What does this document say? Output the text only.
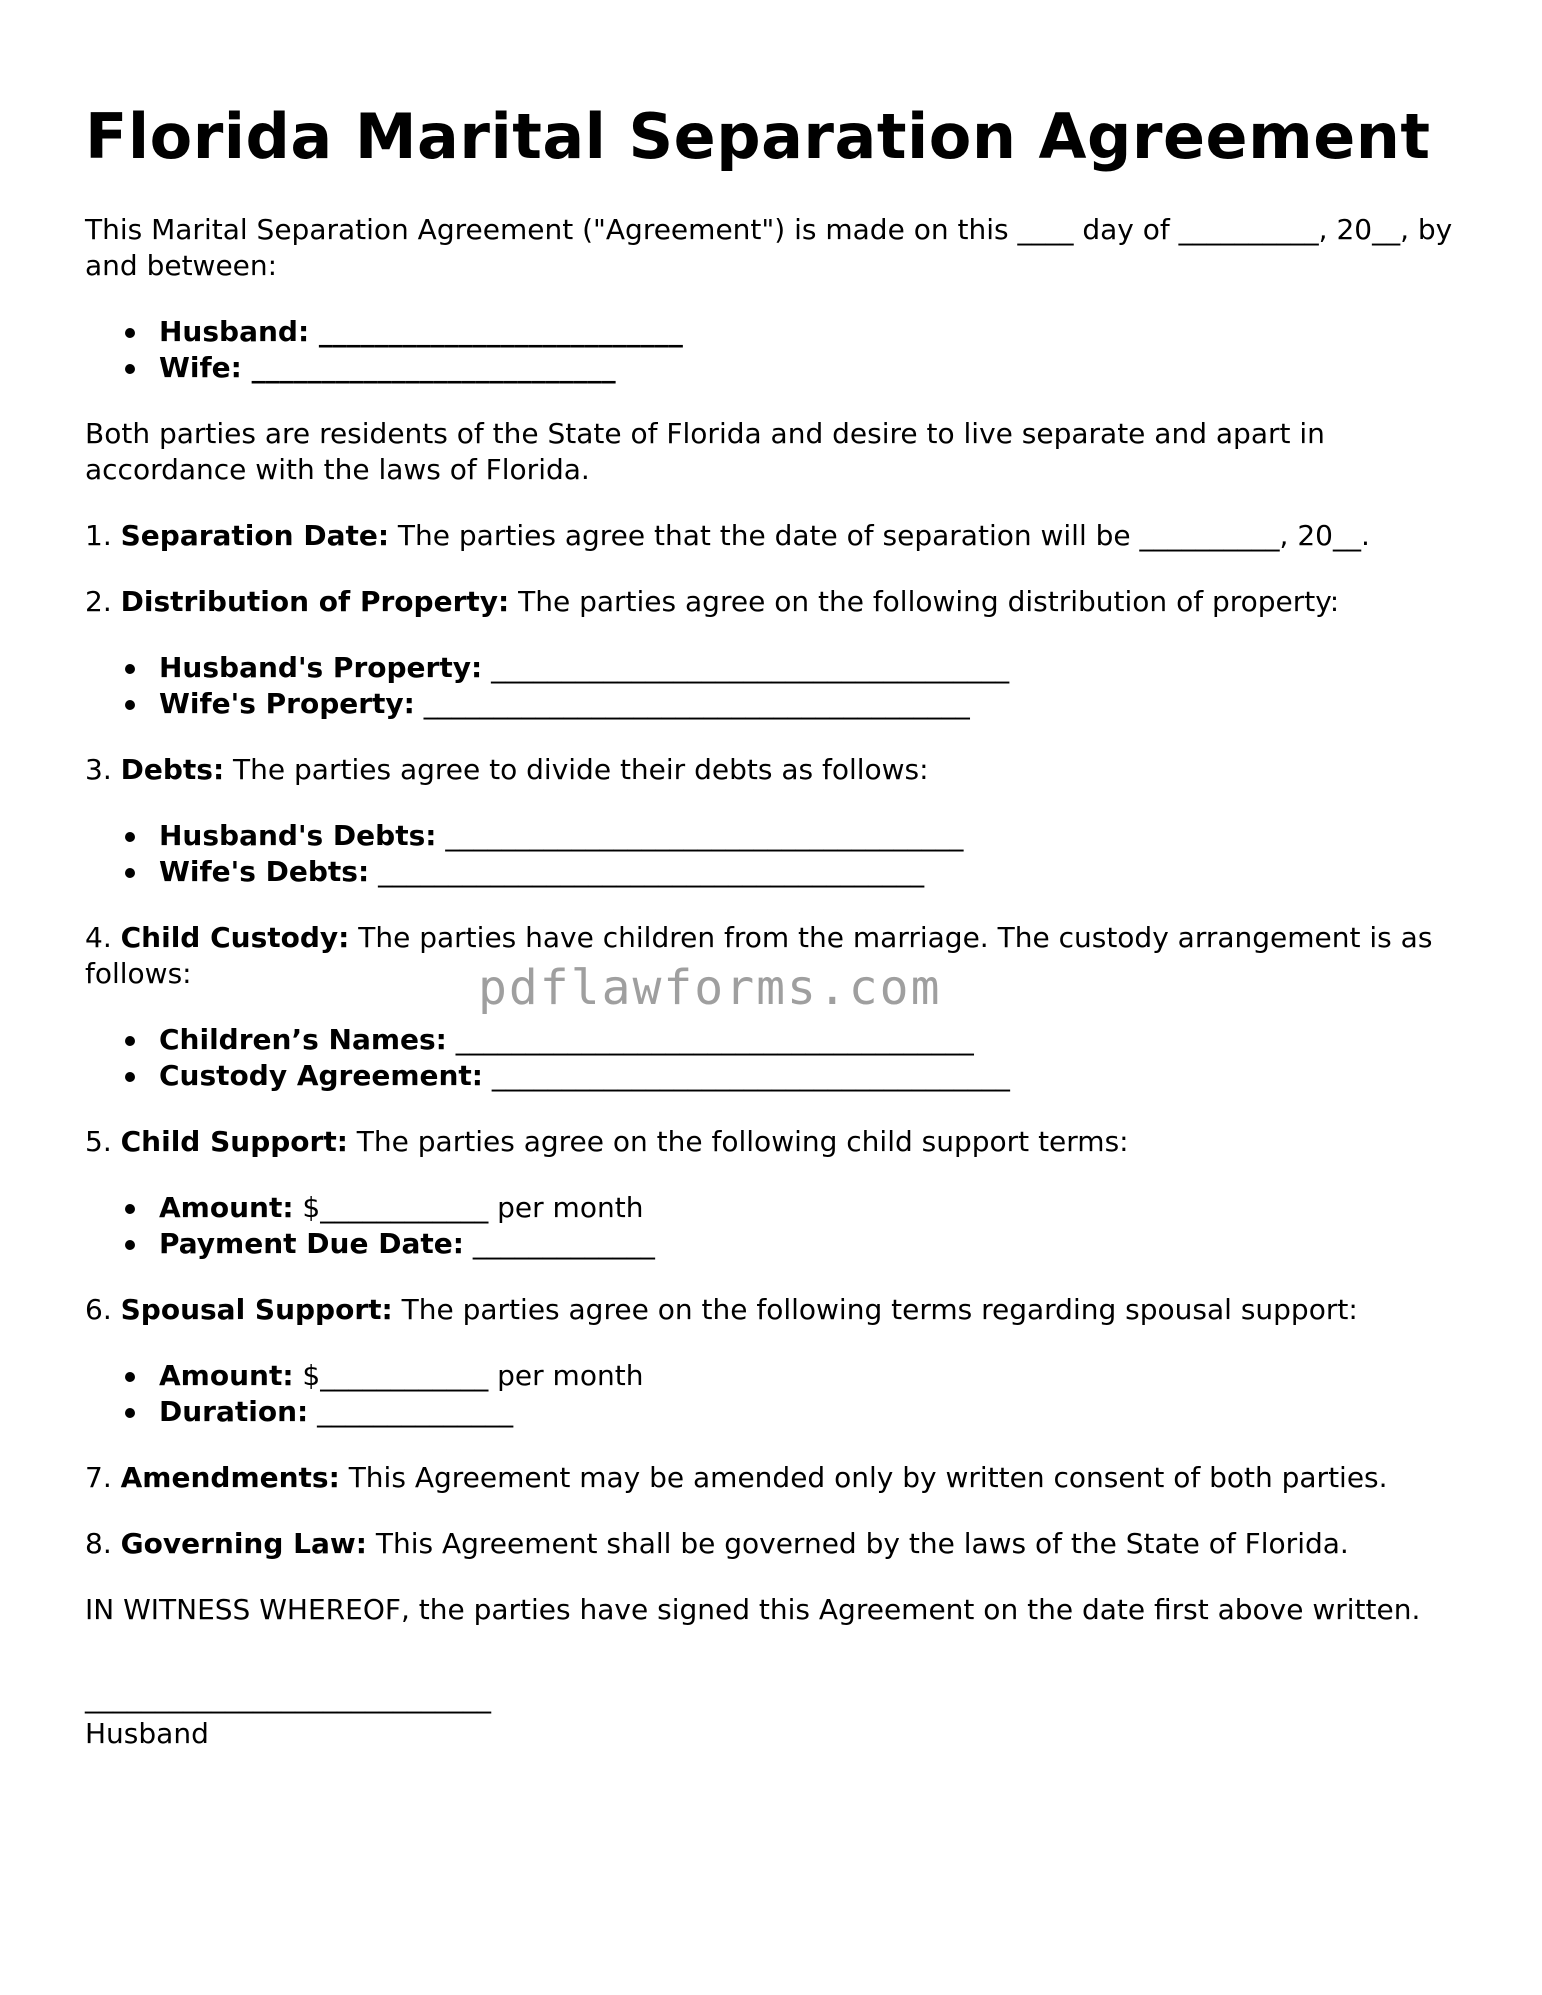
Florida Marital Separation Agreement

This Marital Separation Agreement ("Agreement") is made on this ____ day of __________, 20__, by and between:

Husband: __________________________
Wife: __________________________

Both parties are residents of the State of Florida and desire to live separate and apart in accordance with the laws of Florida.

1. Separation Date: The parties agree that the date of separation will be __________, 20__.

2. Distribution of Property: The parties agree on the following distribution of property:

Husband's Property: _____________________________________
Wife's Property: _______________________________________

3. Debts: The parties agree to divide their debts as follows:

Husband's Debts: _____________________________________
Wife's Debts: _______________________________________

4. Child Custody: The parties have children from the marriage. The custody arrangement is as follows:

Children’s Names: _____________________________________
Custody Agreement: _____________________________________

5. Child Support: The parties agree on the following child support terms:

Amount: $____________ per month
Payment Due Date: _____________

6. Spousal Support: The parties agree on the following terms regarding spousal support:

Amount: $____________ per month
Duration: ______________

7. Amendments: This Agreement may be amended only by written consent of both parties.

8. Governing Law: This Agreement shall be governed by the laws of the State of Florida.

IN WITNESS WHEREOF, the parties have signed this Agreement on the date first above written.

_____________________________
Husband
pdflawforms.com
